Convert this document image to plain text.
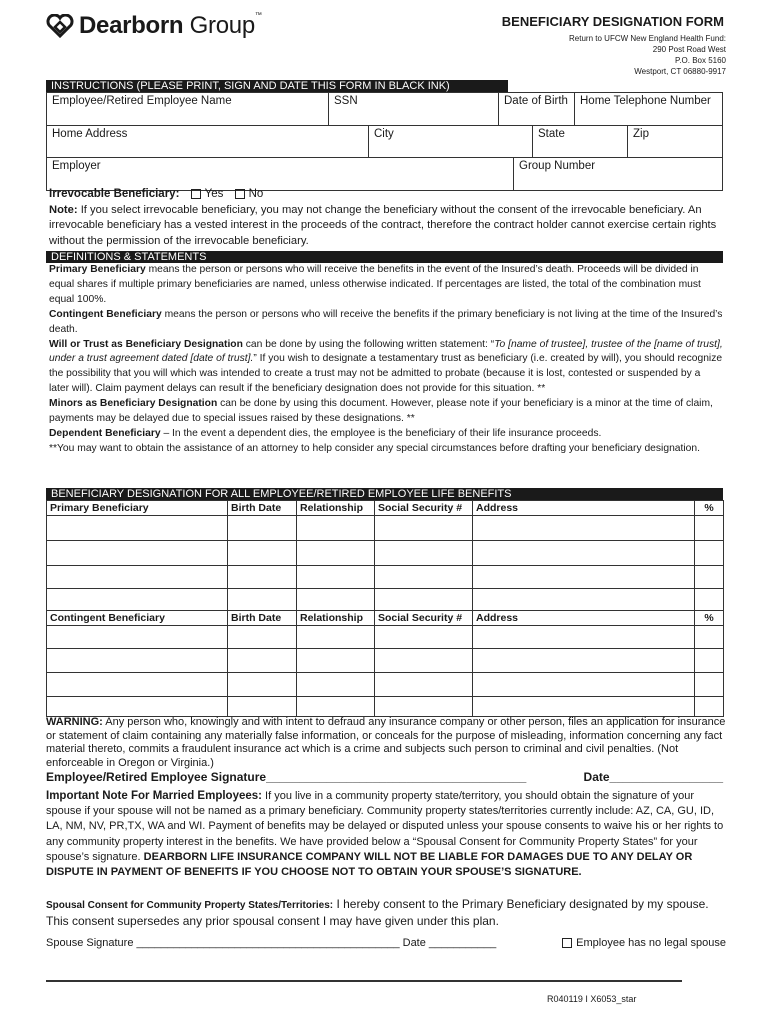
Dearborn Group™	BENEFICIARY DESIGNATION FORM
Return to UFCW New England Health Fund:
290 Post Road West
P.O. Box 5160
Westport, CT 06880-9917
INSTRUCTIONS (PLEASE PRINT, SIGN AND DATE THIS FORM IN BLACK INK)
Employee/Retired Employee Name	SSN	Date of Birth	Home Telephone Number
Home Address	City	State	Zip
Employer	Group Number
Irrevocable Beneficiary: Yes No
Note: If you select irrevocable beneficiary, you may not change the beneficiary without the consent of the irrevocable beneficiary. An irrevocable beneficiary has a vested interest in the proceeds of the contract, therefore the contract holder cannot exercise certain rights without the permission of the irrevocable beneficiary.
DEFINITIONS & STATEMENTS

Primary Beneficiary means the person or persons who will receive the benefits in the event of the Insured’s death. Proceeds will be divided in equal shares if multiple primary beneficiaries are named, unless otherwise indicated. If percentages are listed, the total of the combination must equal 100%.

Contingent Beneficiary means the person or persons who will receive the benefits if the primary beneficiary is not living at the time of the Insured’s death.

Will or Trust as Beneficiary Designation can be done by using the following written statement: “To [name of trustee], trustee of the [name of trust], under a trust agreement dated [date of trust].” If you wish to designate a testamentary trust as beneficiary (i.e. created by will), you should recognize the possibility that you will which was intended to create a trust may not be admitted to probate (because it is lost, contested or suspended by a later will). Claim payment delays can result if the beneficiary designation does not provide for this situation. **

Minors as Beneficiary Designation can be done by using this document. However, please note if your beneficiary is a minor at the time of claim, payments may be delayed due to special issues raised by these designations. **

Dependent Beneficiary – In the event a dependent dies, the employee is the beneficiary of their life insurance proceeds.

**You may want to obtain the assistance of an attorney to help consider any special circumstances before drafting your beneficiary designation.

BENEFICIARY DESIGNATION FOR ALL EMPLOYEE/RETIRED EMPLOYEE LIFE BENEFITS
Primary Beneficiary	Birth Date	Relationship	Social Security #	Address	%

Contingent Beneficiary	Birth Date	Relationship	Social Security #	Address	%

WARNING: Any person who, knowingly and with intent to defraud any insurance company or other person, files an application for insurance or statement of claim containing any materially false information, or conceals for the purpose of misleading, information concerning any fact material thereto, commits a fraudulent insurance act which is a crime and subjects such person to criminal and civil penalties. (Not enforceable in Oregon or Virginia.)
Employee/Retired Employee Signature_______________________________________	Date_________________
Important Note For Married Employees: If you live in a community property state/territory, you should obtain the signature of your spouse if your spouse will not be named as a primary beneficiary. Community property states/territories currently include: AZ, CA, GU, ID, LA, NM, NV, PR,TX, WA and WI. Payment of benefits may be delayed or disputed unless your spouse consents to waive his or her rights to any community property interest in the benefits. We have provided below a “Spousal Consent for Community Property States” for your spouse’s signature. DEARBORN LIFE INSURANCE COMPANY WILL NOT BE LIABLE FOR DAMAGES DUE TO ANY DELAY OR DISPUTE IN PAYMENT OF BENEFITS IF YOU CHOOSE NOT TO OBTAIN YOUR SPOUSE’S SIGNATURE.
Spousal Consent for Community Property States/Territories: I hereby consent to the Primary Beneficiary designated by my spouse. This consent supersedes any prior spousal consent I may have given under this plan.
Spouse Signature ___________________________________________ Date ___________	Employee has no legal spouse
R040119 I X6053_star
